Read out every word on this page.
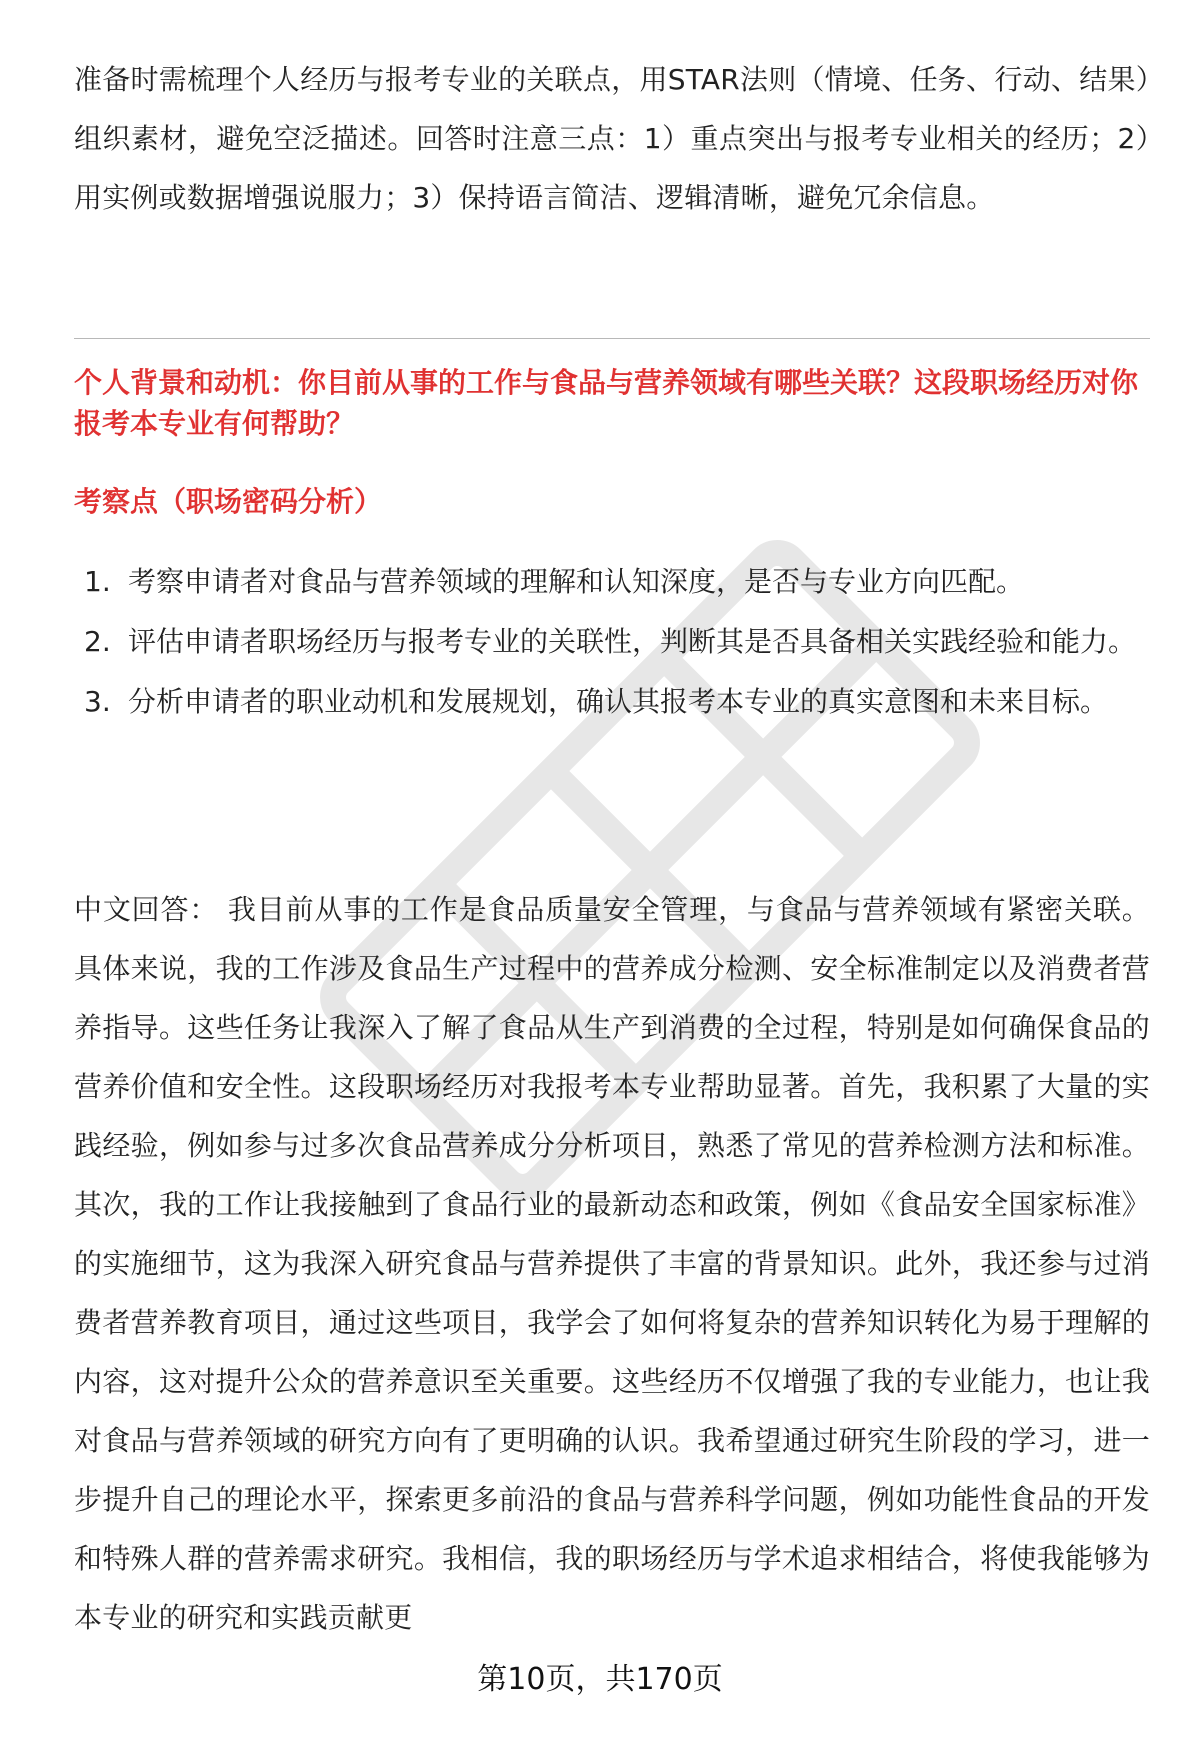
准备时需梳理个人经历与报考专业的关联点，用STAR法则（情境、任务、行动、结果）组织素材，避免空泛描述。回答时注意三点：1）重点突出与报考专业相关的经历；2）用实例或数据增强说服力；3）保持语言简洁、逻辑清晰，避免冗余信息。

个人背景和动机：你目前从事的工作与食品与营养领域有哪些关联？这段职场经历对你报考本专业有何帮助？

考察点（职场密码分析）

1. 考察申请者对食品与营养领域的理解和认知深度，是否与专业方向匹配。
2. 评估申请者职场经历与报考专业的关联性，判断其是否具备相关实践经验和能力。
3. 分析申请者的职业动机和发展规划，确认其报考本专业的真实意图和未来目标。

中文回答： 我目前从事的工作是食品质量安全管理，与食品与营养领域有紧密关联。具体来说，我的工作涉及食品生产过程中的营养成分检测、安全标准制定以及消费者营养指导。这些任务让我深入了解了食品从生产到消费的全过程，特别是如何确保食品的营养价值和安全性。这段职场经历对我报考本专业帮助显著。首先，我积累了大量的实践经验，例如参与过多次食品营养成分分析项目，熟悉了常见的营养检测方法和标准。其次，我的工作让我接触到了食品行业的最新动态和政策，例如《食品安全国家标准》的实施细节，这为我深入研究食品与营养提供了丰富的背景知识。此外，我还参与过消费者营养教育项目，通过这些项目，我学会了如何将复杂的营养知识转化为易于理解的内容，这对提升公众的营养意识至关重要。这些经历不仅增强了我的专业能力，也让我对食品与营养领域的研究方向有了更明确的认识。我希望通过研究生阶段的学习，进一步提升自己的理论水平，探索更多前沿的食品与营养科学问题，例如功能性食品的开发和特殊人群的营养需求研究。我相信，我的职场经历与学术追求相结合，将使我能够为本专业的研究和实践贡献更

第10页，共170页
